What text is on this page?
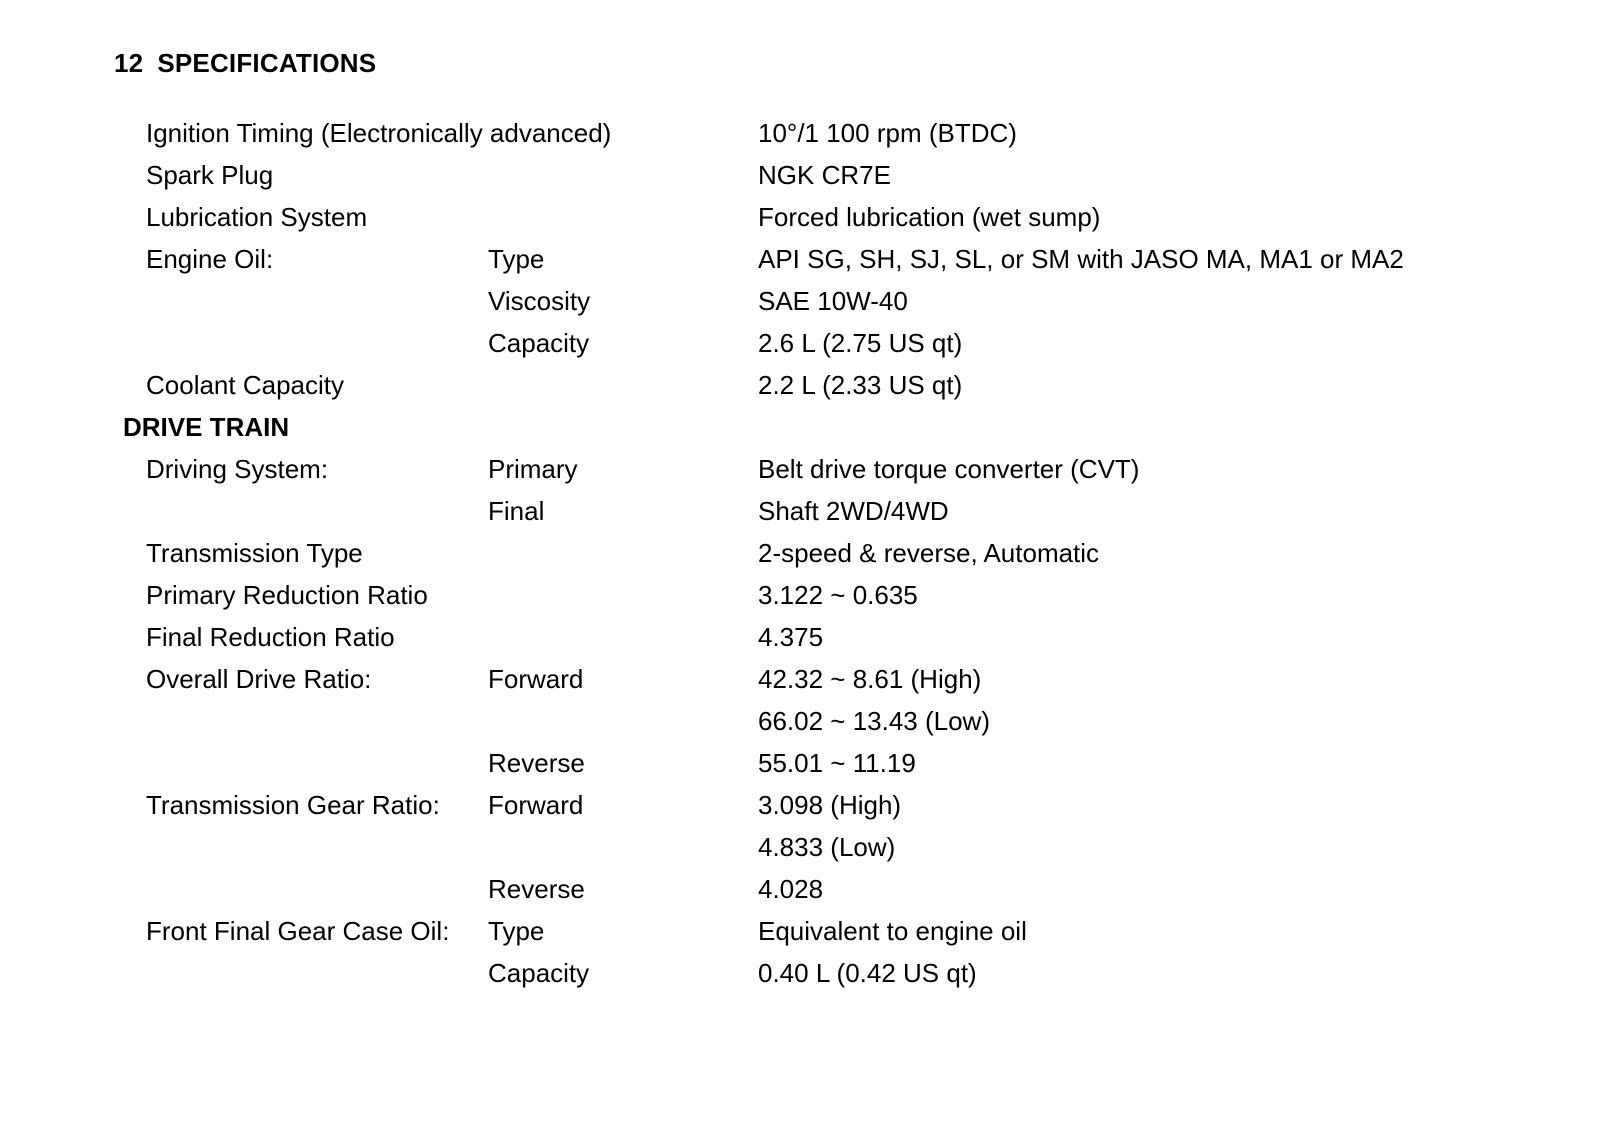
12 SPECIFICATIONS
Ignition Timing (Electronically advanced)	10°/1 100 rpm (BTDC)
Spark Plug	NGK CR7E
Lubrication System	Forced lubrication (wet sump)
Engine Oil:	Type	API SG, SH, SJ, SL, or SM with JASO MA, MA1 or MA2
Viscosity	SAE 10W-40
Capacity	2.6 L (2.75 US qt)
Coolant Capacity	2.2 L (2.33 US qt)
DRIVE TRAIN
Driving System:	Primary	Belt drive torque converter (CVT)
Final	Shaft 2WD/4WD
Transmission Type	2-speed & reverse, Automatic
Primary Reduction Ratio	3.122 ~ 0.635
Final Reduction Ratio	4.375
Overall Drive Ratio:	Forward	42.32 ~ 8.61 (High)
66.02 ~ 13.43 (Low)
Reverse	55.01 ~ 11.19
Transmission Gear Ratio: Forward	3.098 (High)
4.833 (Low)
Reverse	4.028
Front Final Gear Case Oil: Type	Equivalent to engine oil
Capacity	0.40 L (0.42 US qt)
